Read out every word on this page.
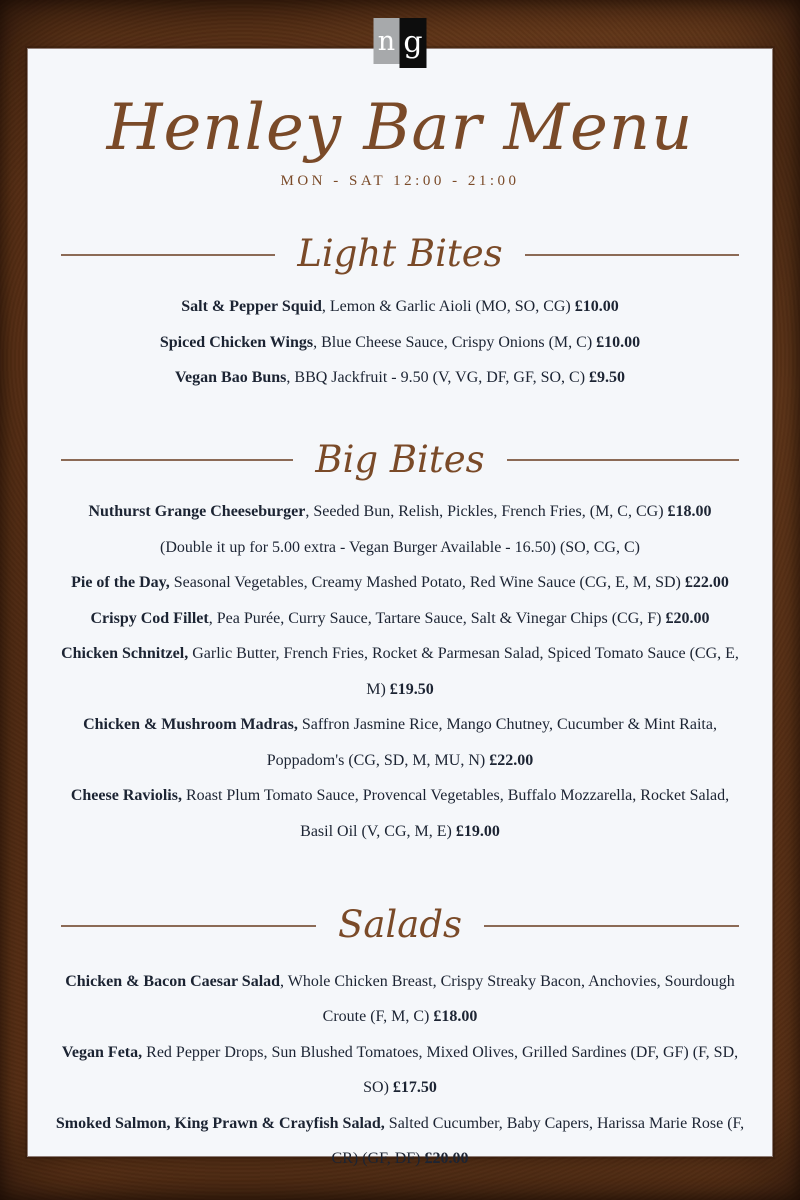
n g
Henley Bar Menu
MON - SAT 12:00 - 21:00
Light Bites

Salt & Pepper Squid, Lemon & Garlic Aioli (MO, SO, CG) £10.00

Spiced Chicken Wings, Blue Cheese Sauce, Crispy Onions (M, C) £10.00

Vegan Bao Buns, BBQ Jackfruit - 9.50 (V, VG, DF, GF, SO, C) £9.50

Big Bites

Nuthurst Grange Cheeseburger, Seeded Bun, Relish, Pickles, French Fries, (M, C, CG) £18.00

(Double it up for 5.00 extra - Vegan Burger Available - 16.50) (SO, CG, C)

Pie of the Day, Seasonal Vegetables, Creamy Mashed Potato, Red Wine Sauce (CG, E, M, SD) £22.00

Crispy Cod Fillet, Pea Purée, Curry Sauce, Tartare Sauce, Salt & Vinegar Chips (CG, F) £20.00

Chicken Schnitzel, Garlic Butter, French Fries, Rocket & Parmesan Salad, Spiced Tomato Sauce (CG, E, M) £19.50

Chicken & Mushroom Madras, Saffron Jasmine Rice, Mango Chutney, Cucumber & Mint Raita, Poppadom's (CG, SD, M, MU, N) £22.00

Cheese Raviolis, Roast Plum Tomato Sauce, Provencal Vegetables, Buffalo Mozzarella, Rocket Salad, Basil Oil (V, CG, M, E) £19.00

Salads

Chicken & Bacon Caesar Salad, Whole Chicken Breast, Crispy Streaky Bacon, Anchovies, Sourdough Croute (F, M, C) £18.00

Vegan Feta, Red Pepper Drops, Sun Blushed Tomatoes, Mixed Olives, Grilled Sardines (DF, GF) (F, SD, SO) £17.50

Smoked Salmon, King Prawn & Crayfish Salad, Salted Cucumber, Baby Capers, Harissa Marie Rose (F, CR) (GF, DF) £20.00
